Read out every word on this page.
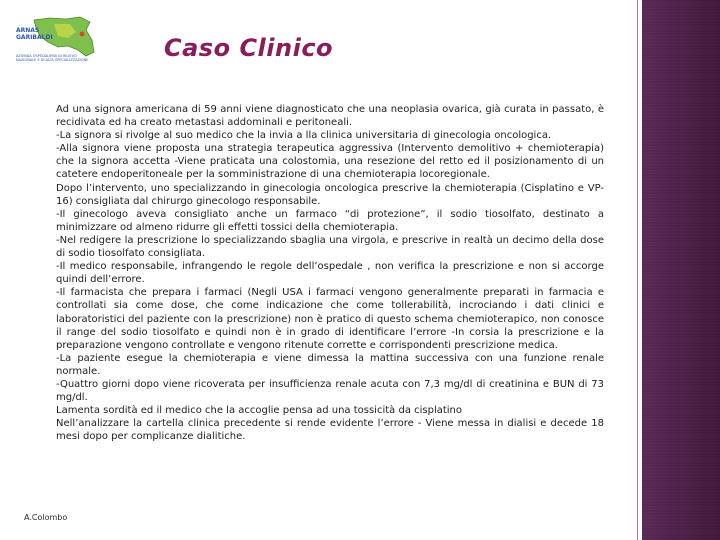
ARNAS
GARIBALDI
AZIENDA OSPEDALIERA DI RILIEVO NAZIONALE E DI ALTA SPECIALIZZAZIONE	Caso Clinico

Ad una signora americana di 59 anni viene diagnosticato che una neoplasia ovarica, già curata in passato, è recidivata ed ha creato metastasi addominali e peritoneali.

-La signora si rivolge al suo medico che la invia a lla clinica universitaria di ginecologia oncologica.

-Alla signora viene proposta una strategia terapeutica aggressiva (Intervento demolitivo + chemioterapia) che la signora accetta -Viene praticata una colostomia, una resezione del retto ed il posizionamento di un catetere endoperitoneale per la somministrazione di una chemioterapia locoregionale.

Dopo l’intervento, uno specializzando in ginecologia oncologica prescrive la chemioterapia (Cisplatino e VP-16) consigliata dal chirurgo ginecologo responsabile.

-Il ginecologo aveva consigliato anche un farmaco “di protezione”, il sodio tiosolfato, destinato a minimizzare od almeno ridurre gli effetti tossici della chemioterapia.

-Nel redigere la prescrizione lo specializzando sbaglia una virgola, e prescrive in realtà un decimo della dose di sodio tiosolfato consigliata.

-Il medico responsabile, infrangendo le regole dell’ospedale , non verifica la prescrizione e non si accorge quindi dell’errore.

-Il farmacista che prepara i farmaci (Negli USA i farmaci vengono generalmente preparati in farmacia e controllati sia come dose, che come indicazione che come tollerabilità, incrociando i dati clinici e laboratoristici del paziente con la prescrizione) non è pratico di questo schema chemioterapico, non conosce il range del sodio tiosolfato e quindi non è in grado di identificare l’errore -In corsia la prescrizione e la preparazione vengono controllate e vengono ritenute corrette e corrispondenti prescrizione medica.

-La paziente esegue la chemioterapia e viene dimessa la mattina successiva con una funzione renale normale.

-Quattro giorni dopo viene ricoverata per insufficienza renale acuta con 7,3 mg/dl di creatinina e BUN di 73 mg/dl.

Lamenta sordità ed il medico che la accoglie pensa ad una tossicità da cisplatino

Nell’analizzare la cartella clinica precedente si rende evidente l’errore - Viene messa in dialisi e decede 18 mesi dopo per complicanze dialitiche.

A.Colombo
